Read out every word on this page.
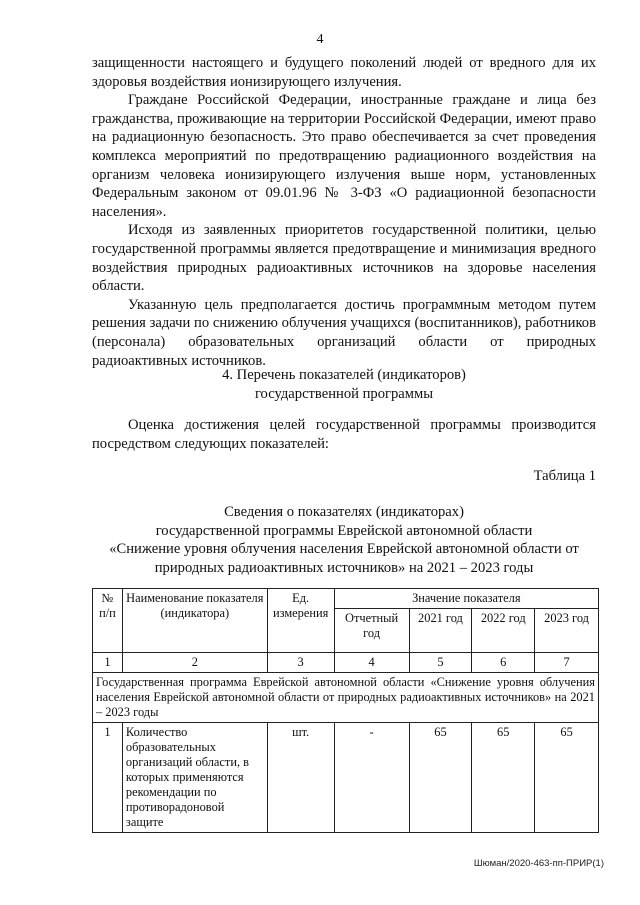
4

защищенности настоящего и будущего поколений людей от вредного для их здоровья воздействия ионизирующего излучения.

Граждане Российской Федерации, иностранные граждане и лица без гражданства, проживающие на территории Российской Федерации, имеют право на радиационную безопасность. Это право обеспечивается за счет проведения комплекса мероприятий по предотвращению радиационного воздействия на организм человека ионизирующего излучения выше норм, установленных Федеральным законом от 09.01.96 № 3-ФЗ «О радиационной безопасности населения».

Исходя из заявленных приоритетов государственной политики, целью государственной программы является предотвращение и минимизация вредного воздействия природных радиоактивных источников на здоровье населения области.

Указанную цель предполагается достичь программным методом путем решения задачи по снижению облучения учащихся (воспитанников), работников (персонала) образовательных организаций области от природных радиоактивных источников.

4. Перечень показателей (индикаторов)
государственной программы

Оценка достижения целей государственной программы производится посредством следующих показателей:

Таблица 1
Сведения о показателях (индикаторах)
государственной программы Еврейской автономной области
«Снижение уровня облучения населения Еврейской автономной области от
природных радиоактивных источников» на 2021 – 2023 годы
№ п/п	Наименование показателя (индикатора)	Ед. измерения	Значение показателя			
			Отчетный год	2021 год	2022 год	2023 год
1	2	3	4	5	6	7
Государственная программа Еврейской автономной области «Снижение уровня облучения населения Еврейской автономной области от природных радиоактивных источников» на 2021 – 2023 годы						
1	Количество образовательных организаций области, в которых применяются рекомендации по противорадоновой защите	шт.	-	65	65	65
Шюман/2020-463-пп-ПРИР(1)
